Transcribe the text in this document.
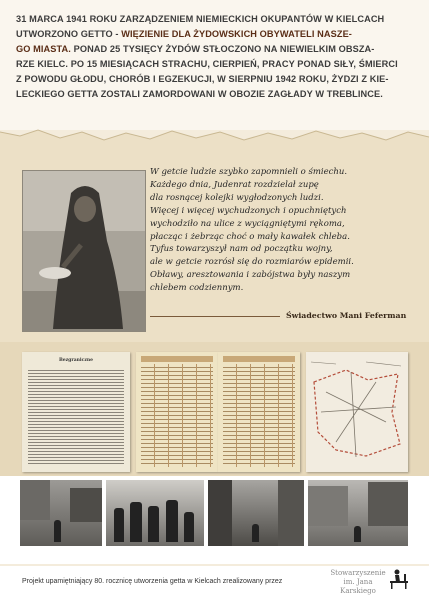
31 MARCA 1941 ROKU ZARZĄDZENIEM NIEMIECKICH OKUPANTÓW W KIELCACH
UTWORZONO GETTO - WIĘZIENIE DLA ŻYDOWSKICH OBYWATELI NASZE-
GO MIASTA. PONAD 25 TYSIĘCY ŻYDÓW STŁOCZONO NA NIEWIELKIM OBSZA-
RZE KIELC. PO 15 MIESIĄCACH STRACHU, CIERPIEŃ, PRACY PONAD SIŁY, ŚMIERCI
Z POWODU GŁODU, CHORÓB I EGZEKUCJI, W SIERPNIU 1942 ROKU, ŻYDZI Z KIE-
LECKIEGO GETTA ZOSTALI ZAMORDOWANI W OBOZIE ZAGŁADY W TREBLINCE.
W getcie ludzie szybko zapomnieli o śmiechu.
Każdego dnia, Judenrat rozdzielał zupę
dla rosnącej kolejki wygłodzonych ludzi.
Więcej i więcej wychudzonych i opuchniętych
wychodziło na ulice z wyciągniętymi rękoma,
płacząc i żebrząc choć o mały kawałek chleba.
Tyfus towarzyszył nam od początku wojny,
ale w getcie rozrósł się do rozmiarów epidemii.
Obławy, aresztowania i zabójstwa były naszym
chlebem codziennym.
Świadectwo Mani Feferman
Bezgraniczne
Projekt upamiętniający 80. rocznicę utworzenia getta w Kielcach zrealizowany przez
Stowarzyszenie
im. Jana Karskiego
